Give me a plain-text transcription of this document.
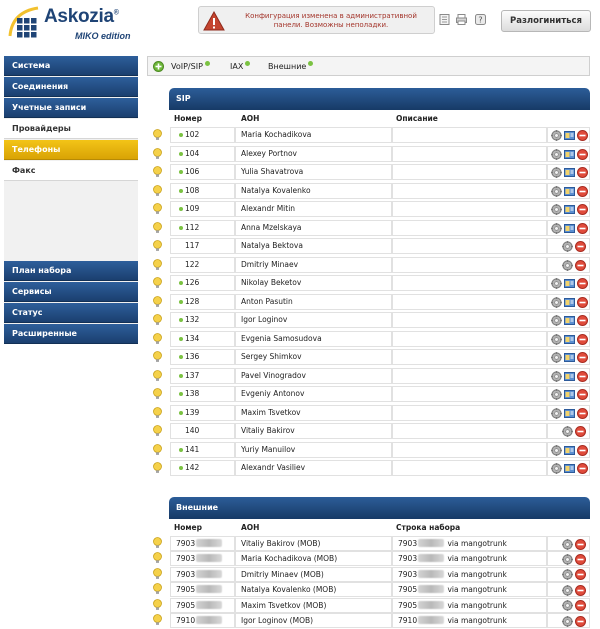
Askozia®
MIKO edition
Конфигурация изменена в административной
панели. Возможны неполадки.
?	Разлогиниться
Система
Соединения
Учетные записи
Провайдеры
Телефоны
Факс
План набора
Сервисы
Статус
Расширенные
VoIP/SIP	IAX	Внешние
SIP
Номер	АОН	Описание
102	Maria Kochadikova
104	Alexey Portnov
106	Yulia Shavatrova
108	Natalya Kovalenko
109	Alexandr Mitin
112	Anna Mzelskaya
117	Natalya Bektova
122	Dmitriy Minaev
126	Nikolay Beketov
128	Anton Pasutin
132	Igor Loginov
134	Evgenia Samosudova
136	Sergey Shimkov
137	Pavel Vinogradov
138	Evgeniy Antonov
139	Maxim Tsvetkov
140	Vitaliy Bakirov
141	Yuriy Manuilov
142	Alexandr Vasiliev
Внешние
Номер	АОН	Строка набора
7903	Vitaliy Bakirov (MOB)	7903	via mangotrunk
7903	Maria Kochadikova (MOB)	7903	via mangotrunk
7903	Dmitriy Minaev (MOB)	7903	via mangotrunk
7905	Natalya Kovalenko (MOB)	7905	via mangotrunk
7905	Maxim Tsvetkov (MOB)	7905	via mangotrunk
7910	Igor Loginov (MOB)	7910	via mangotrunk
